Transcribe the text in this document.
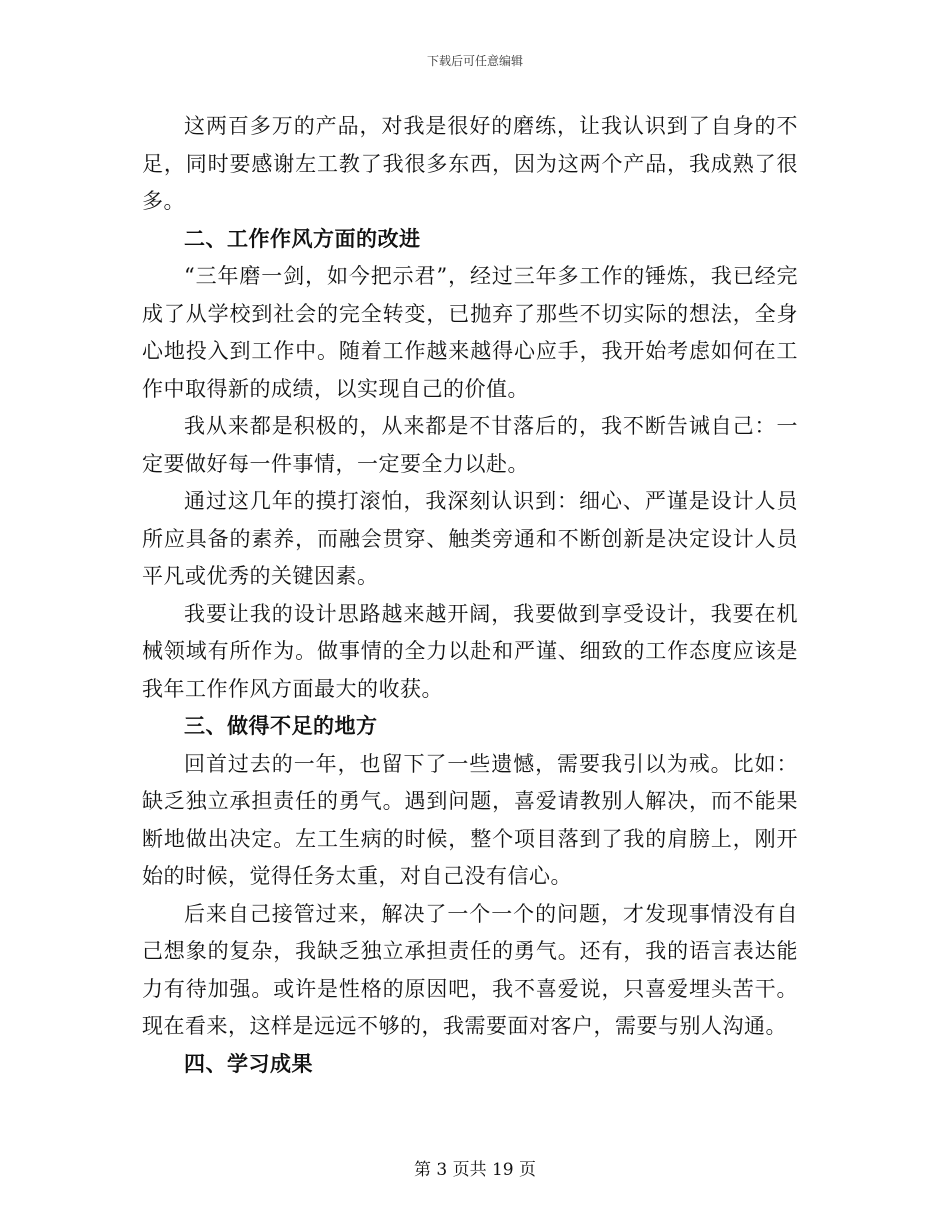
下载后可任意编辑

这两百多万的产品，对我是很好的磨练，让我认识到了自身的不足，同时要感谢左工教了我很多东西，因为这两个产品，我成熟了很多。

二、工作作风方面的改进

“三年磨一剑，如今把示君”，经过三年多工作的锤炼，我已经完成了从学校到社会的完全转变，已抛弃了那些不切实际的想法，全身心地投入到工作中。随着工作越来越得心应手，我开始考虑如何在工作中取得新的成绩，以实现自己的价值。

我从来都是积极的，从来都是不甘落后的，我不断告诫自己：一定要做好每一件事情，一定要全力以赴。

通过这几年的摸打滚怕，我深刻认识到：细心、严谨是设计人员所应具备的素养，而融会贯穿、触类旁通和不断创新是决定设计人员平凡或优秀的关键因素。

我要让我的设计思路越来越开阔，我要做到享受设计，我要在机械领域有所作为。做事情的全力以赴和严谨、细致的工作态度应该是我年工作作风方面最大的收获。

三、做得不足的地方

回首过去的一年，也留下了一些遗憾，需要我引以为戒。比如：缺乏独立承担责任的勇气。遇到问题，喜爱请教别人解决，而不能果断地做出决定。左工生病的时候，整个项目落到了我的肩膀上，刚开始的时候，觉得任务太重，对自己没有信心。

后来自己接管过来，解决了一个一个的问题，才发现事情没有自己想象的复杂，我缺乏独立承担责任的勇气。还有，我的语言表达能力有待加强。或许是性格的原因吧，我不喜爱说，只喜爱埋头苦干。现在看来，这样是远远不够的，我需要面对客户，需要与别人沟通。

四、学习成果

第 3 页共 19 页
